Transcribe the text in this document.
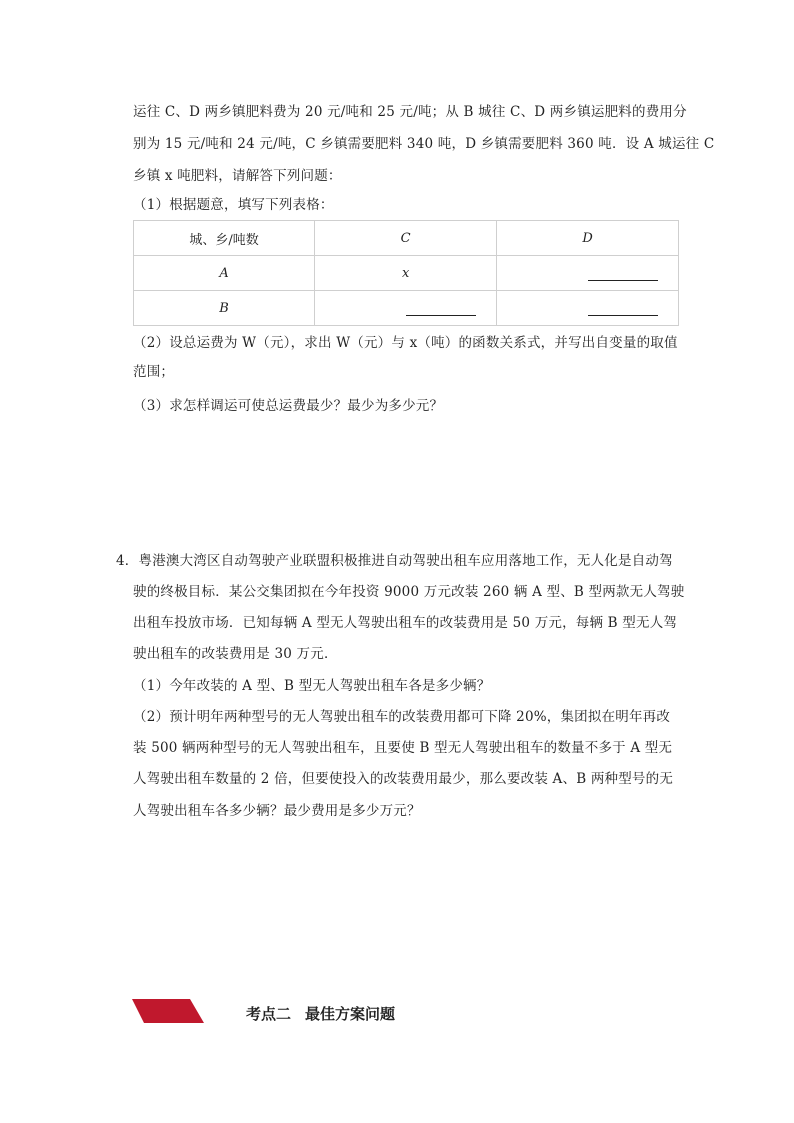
运往 C、D 两乡镇肥料费为 20 元/吨和 25 元/吨；从 B 城往 C、D 两乡镇运肥料的费用分
别为 15 元/吨和 24 元/吨，C 乡镇需要肥料 340 吨，D 乡镇需要肥料 360 吨．设 A 城运往 C
乡镇 x 吨肥料，请解答下列问题：
（1）根据题意，填写下列表格：
城、乡/吨数	C	D
A	x	
B		
（2）设总运费为 W（元），求出 W（元）与 x（吨）的函数关系式，并写出自变量的取值
范围；
（3）求怎样调运可使总运费最少？最少为多少元？
4．粤港澳大湾区自动驾驶产业联盟积极推进自动驾驶出租车应用落地工作，无人化是自动驾
驶的终极目标．某公交集团拟在今年投资 9000 万元改装 260 辆 A 型、B 型两款无人驾驶
出租车投放市场．已知每辆 A 型无人驾驶出租车的改装费用是 50 万元，每辆 B 型无人驾
驶出租车的改装费用是 30 万元．
（1）今年改装的 A 型、B 型无人驾驶出租车各是多少辆？
（2）预计明年两种型号的无人驾驶出租车的改装费用都可下降 20%，集团拟在明年再改
装 500 辆两种型号的无人驾驶出租车，且要使 B 型无人驾驶出租车的数量不多于 A 型无
人驾驶出租车数量的 2 倍，但要使投入的改装费用最少，那么要改装 A、B 两种型号的无
人驾驶出租车各多少辆？最少费用是多少万元？
考点二 最佳方案问题
